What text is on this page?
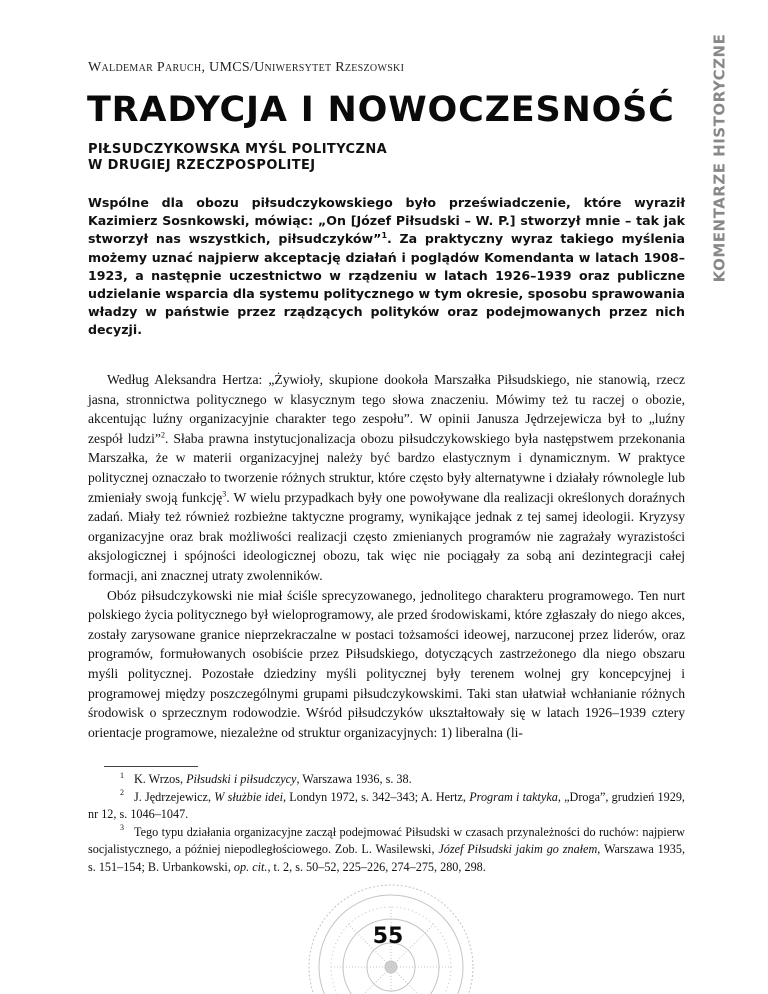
KOMENTARZE HISTORYCZNE
Waldemar Paruch, UMCS/Uniwersytet Rzeszowski
TRADYCJA I NOWOCZESNOŚĆ
PIŁSUDCZYKOWSKA MYŚL POLITYCZNA
W DRUGIEJ RZECZPOSPOLITEJ
Wspólne dla obozu piłsudczykowskiego było przeświadczenie, które wyraził Kazimierz Sosnkowski, mówiąc: „On [Józef Piłsudski – W. P.] stworzył mnie – tak jak stworzył nas wszystkich, piłsudczyków”$^1$. Za praktyczny wyraz takiego myślenia możemy uznać najpierw akceptację działań i poglądów Komendanta w latach 1908–1923, a następnie uczestnictwo w rządzeniu w latach 1926–1939 oraz publiczne udzielanie wsparcia dla systemu politycznego w tym okresie, sposobu sprawowania władzy w państwie przez rządzących polityków oraz podejmowanych przez nich decyzji.

Według Aleksandra Hertza: „Żywioły, skupione dookoła Marszałka Piłsudskiego, nie stanowią, rzecz jasna, stronnictwa politycznego w klasycznym tego słowa znaczeniu. Mówimy też tu raczej o obozie, akcentując luźny organizacyjnie charakter tego zespołu”. W opinii Janusza Jędrzejewicza był to „luźny zespół ludzi”$^2$. Słaba prawna instytucjonalizacja obozu piłsudczykowskiego była następstwem przekonania Marszałka, że w materii organizacyjnej należy być bardzo elastycznym i dynamicznym. W praktyce politycznej oznaczało to tworzenie różnych struktur, które często były alternatywne i działały równolegle lub zmieniały swoją funkcję$^3$. W wielu przypadkach były one powoływane dla realizacji określonych doraźnych zadań. Miały też również rozbieżne taktyczne programy, wynikające jednak z tej samej ideologii. Kryzysy organizacyjne oraz brak możliwości realizacji często zmienianych programów nie zagrażały wyrazistości aksjologicznej i spójności ideologicznej obozu, tak więc nie pociągały za sobą ani dezintegracji całej formacji, ani znacznej utraty zwolenników.

Obóz piłsudczykowski nie miał ściśle sprecyzowanego, jednolitego charakteru programowego. Ten nurt polskiego życia politycznego był wieloprogramowy, ale przed środowiskami, które zgłaszały do niego akces, zostały zarysowane granice nieprzekraczalne w postaci tożsamości ideowej, narzuconej przez liderów, oraz programów, formułowanych osobiście przez Piłsudskiego, dotyczących zastrzeżonego dla niego obszaru myśli politycznej. Pozostałe dziedziny myśli politycznej były terenem wolnej gry koncepcyjnej i programowej między poszczególnymi grupami piłsudczykowskimi. Taki stan ułatwiał wchłanianie różnych środowisk o sprzecznym rodowodzie. Wśród piłsudczyków ukształtowały się w latach 1926–1939 cztery orientacje programowe, niezależne od struktur organizacyjnych: 1) liberalna (li-

$^1$ K. Wrzos, Piłsudski i piłsudczycy, Warszawa 1936, s. 38.

$^2$ J. Jędrzejewicz, W służbie idei, Londyn 1972, s. 342–343; A. Hertz, Program i taktyka, „Droga”, grudzień 1929, nr 12, s. 1046–1047.

$^3$ Tego typu działania organizacyjne zaczął podejmować Piłsudski w czasach przynależności do ruchów: najpierw socjalistycznego, a później niepodległościowego. Zob. L. Wasilewski, Józef Piłsudski jakim go znałem, Warszawa 1935, s. 151–154; B. Urbankowski, op. cit., t. 2, s. 50–52, 225–226, 274–275, 280, 298.

55
